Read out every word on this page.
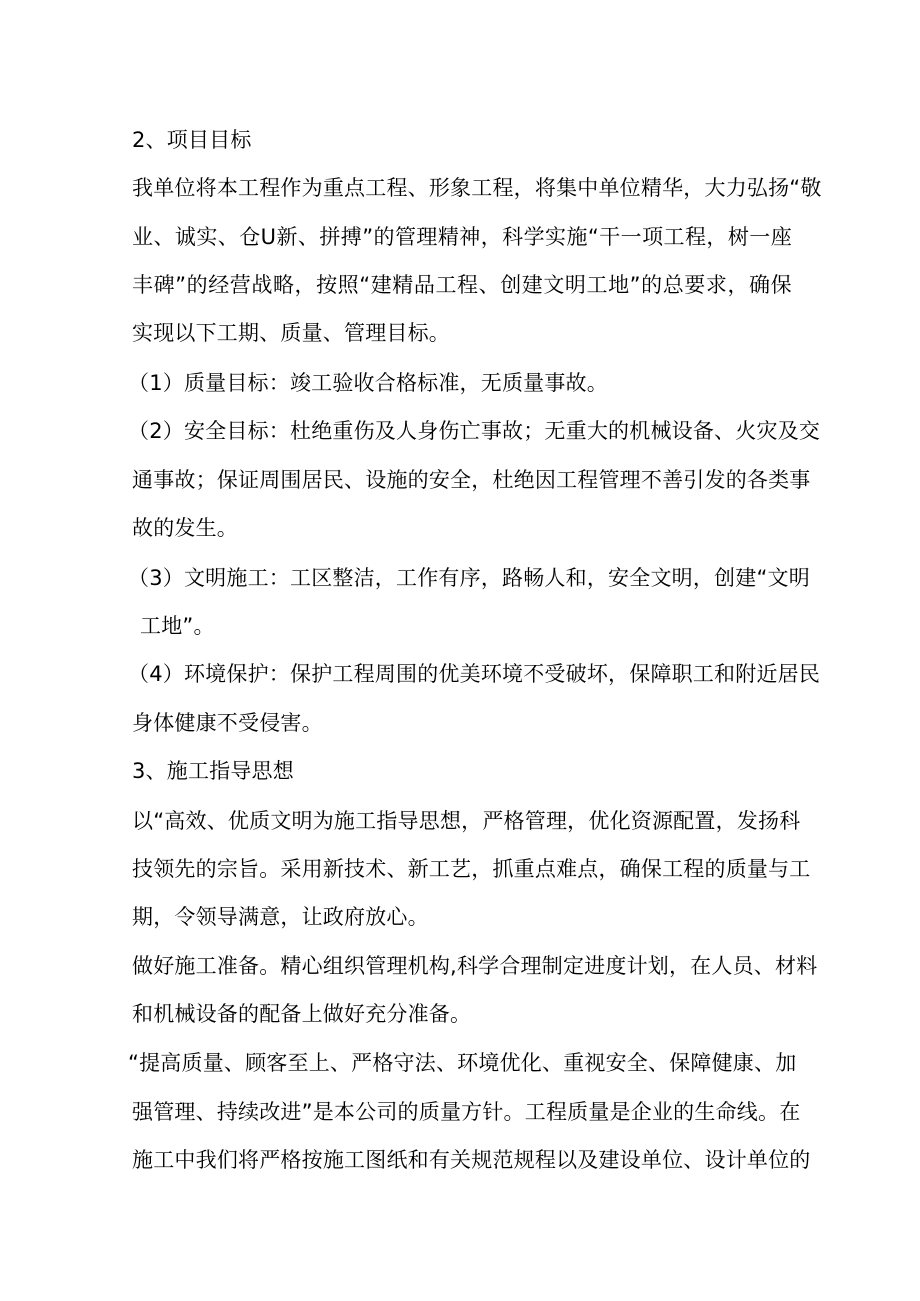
2、项目目标
我 单 位 将 本 工 程 作 为 重 点 工 程 、 形 象 工 程 ， 将 集 中 单 位 精 华 ， 大 力 弘 扬 “ 敬
业 、 诚 实 、 仓 U 新 、 拼 搏 ” 的 管 理 精 神 ， 科 学 实 施 “ 干 一 项 工 程 ， 树 一 座
丰 碑 ” 的 经 营 战 略 ， 按 照 “ 建 精 品 工 程 、 创 建 文 明 工 地 ” 的 总 要 求 ， 确 保
实现以下工期、质量、管理目标。
（1）质量目标：竣工验收合格标准，无质量事故。
（ 2 ） 安 全 目 标 ： 杜 绝 重 伤 及 人 身 伤 亡 事 故 ； 无 重 大 的 机 械 设 备 、 火 灾 及 交
通 事 故 ； 保 证 周 围 居 民 、 设 施 的 安 全 ， 杜 绝 因 工 程 管 理 不 善 引 发 的 各 类 事
故的发生。
（ 3 ） 文 明 施 工 ： 工 区 整 洁 ， 工 作 有 序 ， 路 畅 人 和 ， 安 全 文 明 ， 创 建 “ 文 明
工地”。
（ 4 ） 环 境 保 护 ： 保 护 工 程 周 围 的 优 美 环 境 不 受 破 坏 ， 保 障 职 工 和 附 近 居 民
身体健康不受侵害。
3、施工指导思想
以 “ 高 效 、 优 质 文 明 为 施 工 指 导 思 想 ， 严 格 管 理 ， 优 化 资 源 配 置 ， 发 扬 科
技 领 先 的 宗 旨 。 采 用 新 技 术 、 新 工 艺 ， 抓 重 点 难 点 ， 确 保 工 程 的 质 量 与 工
期，令领导满意，让政府放心。
做 好 施 工 准 备 。 精 心 组 织 管 理 机 构 , 科 学 合 理 制 定 进 度 计 划 ， 在 人 员 、 材 料
和机械设备的配备上做好充分准备。
“ 提 高 质 量 、 顾 客 至 上 、 严 格 守 法 、 环 境 优 化 、 重 视 安 全 、 保 障 健 康 、 加
强 管 理 、 持 续 改 进 ” 是 本 公 司 的 质 量 方 针 。 工 程 质 量 是 企 业 的 生 命 线 。 在
施 工 中 我 们 将 严 格 按 施 工 图 纸 和 有 关 规 范 规 程 以 及 建 设 单 位 、 设 计 单 位 的
